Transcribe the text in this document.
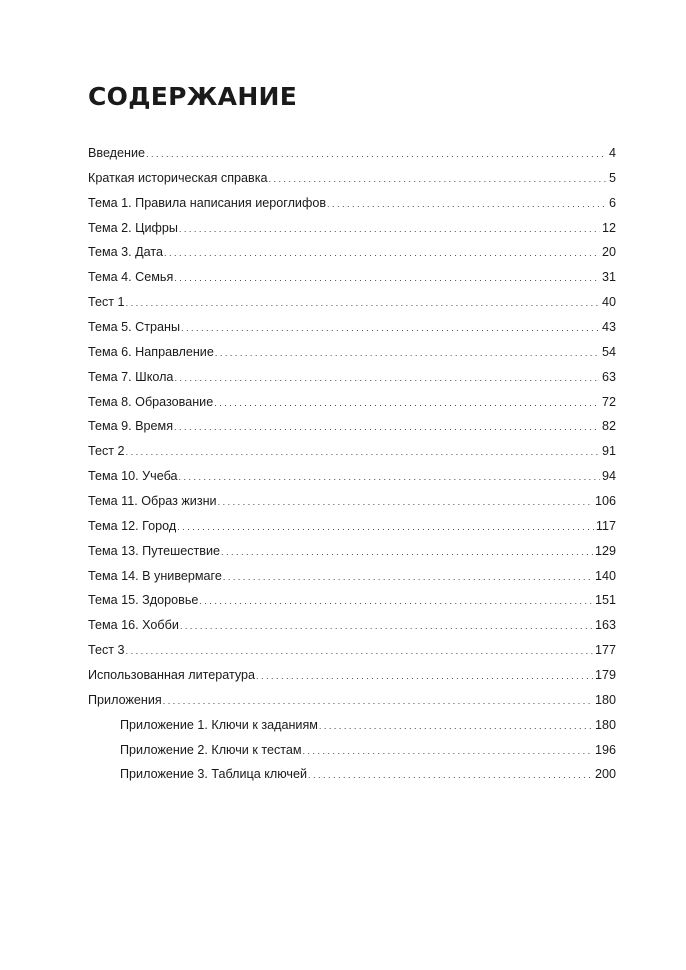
СОДЕРЖАНИЕ
Введение . . .	4
Краткая историческая справка . . .	5
Тема 1. Правила написания иероглифов . . .	6
Тема 2. Цифры . . .	12
Тема 3. Дата . . .	20
Тема 4. Семья . . .	31
Тест 1 . . .	40
Тема 5. Страны . . .	43
Тема 6. Направление . . .	54
Тема 7. Школа . . .	63
Тема 8. Образование . . .	72
Тема 9. Время . . .	82
Тест 2 . . .	91
Тема 10. Учеба . . .	94
Тема 11. Образ жизни . . .	106
Тема 12. Город . . .	117
Тема 13. Путешествие . . .	129
Тема 14. В универмаге . . .	140
Тема 15. Здоровье . . .	151
Тема 16. Хобби . . .	163
Тест 3 . . .	177
Использованная литература . . .	179
Приложения . . .	180
Приложение 1. Ключи к заданиям . . .	180
Приложение 2. Ключи к тестам . . .	196
Приложение 3. Таблица ключей . . .	200
